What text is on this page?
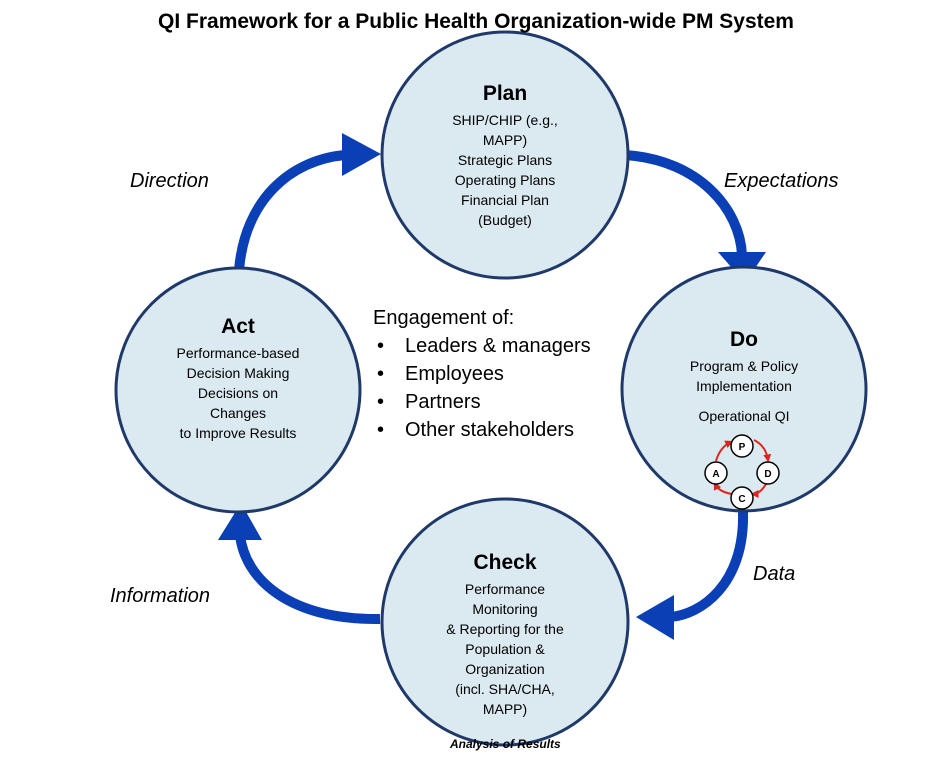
P
D
C
A
QI Framework for a Public Health Organization-wide PM System
Plan
SHIP/CHIP (e.g.,
MAPP)
Strategic Plans
Operating Plans
Financial Plan
(Budget)
Do
Program & Policy
Implementation
Operational QI
Check
Performance
Monitoring
& Reporting for the
Population &
Organization
(incl. SHA/CHA,
MAPP)
Act
Performance-based
Decision Making
Decisions on
Changes
to Improve Results
Expectations
Data
Information
Direction
Engagement of:
• Leaders & managers
• Employees
• Partners
• Other stakeholders
Analysis of Results
